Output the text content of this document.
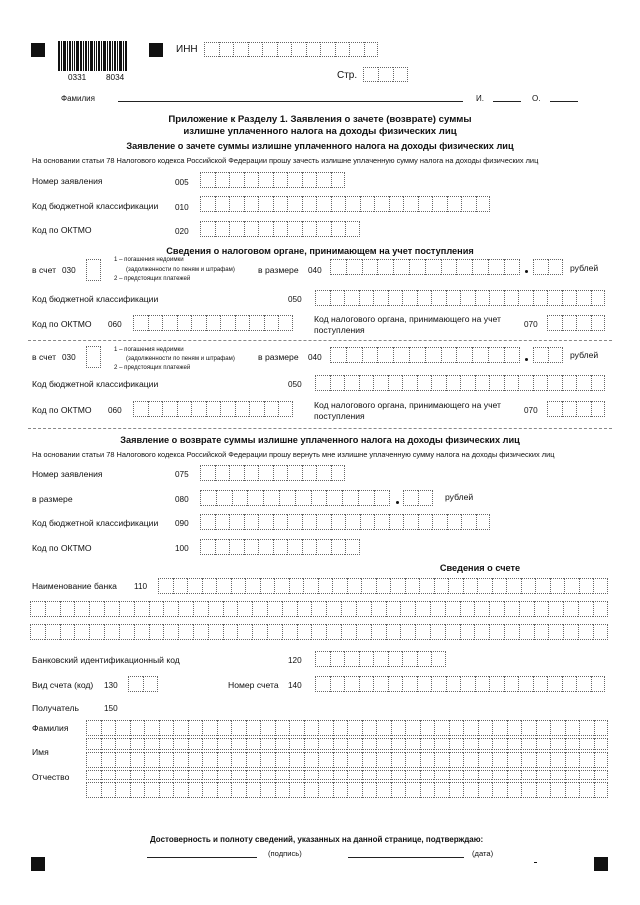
0331 8034
ИНН
Стр.
Фамилия	И.	О.
Приложение к Разделу 1. Заявления о зачете (возврате) суммы
излишне уплаченного налога на доходы физических лиц
Заявление о зачете суммы излишне уплаченного налога на доходы физических лиц
На основании статьи 78 Налогового кодекса Российской Федерации прошу зачесть излишне уплаченную сумму налога на доходы физических лиц
Номер заявления	005
Код бюджетной классификации 010
Код по ОКТМО	020
Сведения о налоговом органе, принимающем на учет поступления
в счет 030
1 – погашения недоимки
(задолженности по пеням и штрафам)
2 – предстоящих платежей
в размере 040	рублей
Код бюджетной классификации	050
Код по ОКТМО 060
Код налогового органа, принимающего на учет
поступления
070
в счет 030
1 – погашения недоимки
(задолженности по пеням и штрафам)
2 – предстоящих платежей
в размере 040	рублей
Код бюджетной классификации	050
Код по ОКТМО 060
Код налогового органа, принимающего на учет
поступления
070
Заявление о возврате суммы излишне уплаченного налога на доходы физических лиц
На основании статьи 78 Налогового кодекса Российской Федерации прошу вернуть мне излишне уплаченную сумму налога на доходы физических лиц
Номер заявления	075
в размере	080	рублей
Код бюджетной классификации 090
Код по ОКТМО	100
Сведения о счете
Наименование банка 110
Банковский идентификационный код	120
Вид счета (код) 130	Номер счета 140
Получатель	150
Фамилия
Имя
Отчество
Достоверность и полноту сведений, указанных на данной странице, подтверждаю:
(подпись)	(дата)
